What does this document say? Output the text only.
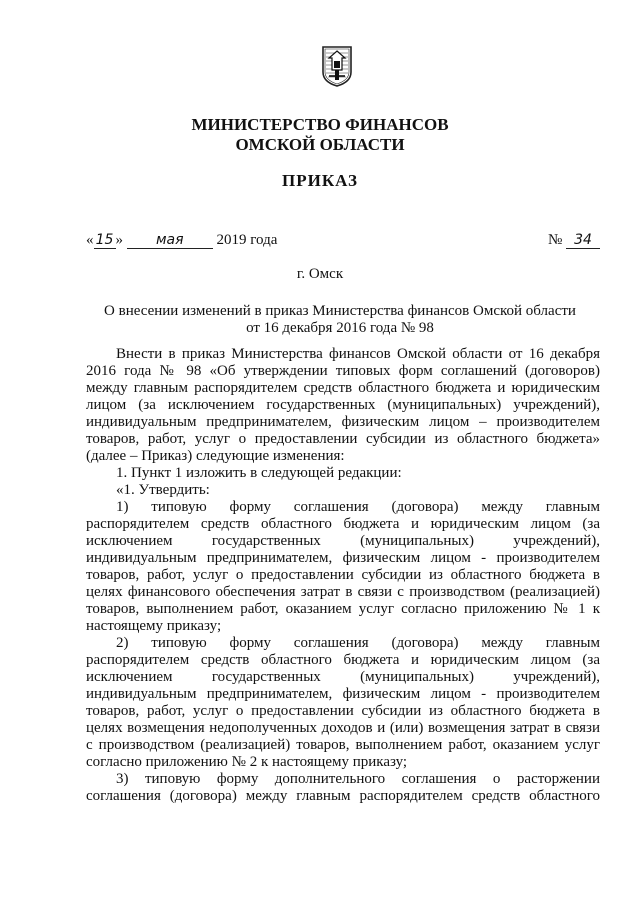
МИНИСТЕРСТВО ФИНАНСОВ
ОМСКОЙ ОБЛАСТИ
ПРИКАЗ
« 15 » мая 2019 года	№ 34
г. Омск
О внесении изменений в приказ Министерства финансов Омской области
от 16 декабря 2016 года № 98
Внести в приказ Министерства финансов Омской области от 16 декабря
2016 года № 98 «Об утверждении типовых форм соглашений (договоров)
между главным распорядителем средств областного бюджета и юридическим
лицом (за исключением государственных (муниципальных) учреждений),
индивидуальным предпринимателем, физическим лицом – производителем
товаров, работ, услуг о предоставлении субсидии из областного бюджета»
(далее – Приказ) следующие изменения:
1. Пункт 1 изложить в следующей редакции:
«1. Утвердить:
1) типовую форму соглашения (договора) между главным
распорядителем средств областного бюджета и юридическим лицом (за
исключением государственных (муниципальных) учреждений),
индивидуальным предпринимателем, физическим лицом - производителем
товаров, работ, услуг о предоставлении субсидии из областного бюджета в
целях финансового обеспечения затрат в связи с производством (реализацией)
товаров, выполнением работ, оказанием услуг согласно приложению № 1 к
настоящему приказу;
2) типовую форму соглашения (договора) между главным
распорядителем средств областного бюджета и юридическим лицом (за
исключением государственных (муниципальных) учреждений),
индивидуальным предпринимателем, физическим лицом - производителем
товаров, работ, услуг о предоставлении субсидии из областного бюджета в
целях возмещения недополученных доходов и (или) возмещения затрат в связи
с производством (реализацией) товаров, выполнением работ, оказанием услуг
согласно приложению № 2 к настоящему приказу;
3) типовую форму дополнительного соглашения о расторжении
соглашения (договора) между главным распорядителем средств областного
